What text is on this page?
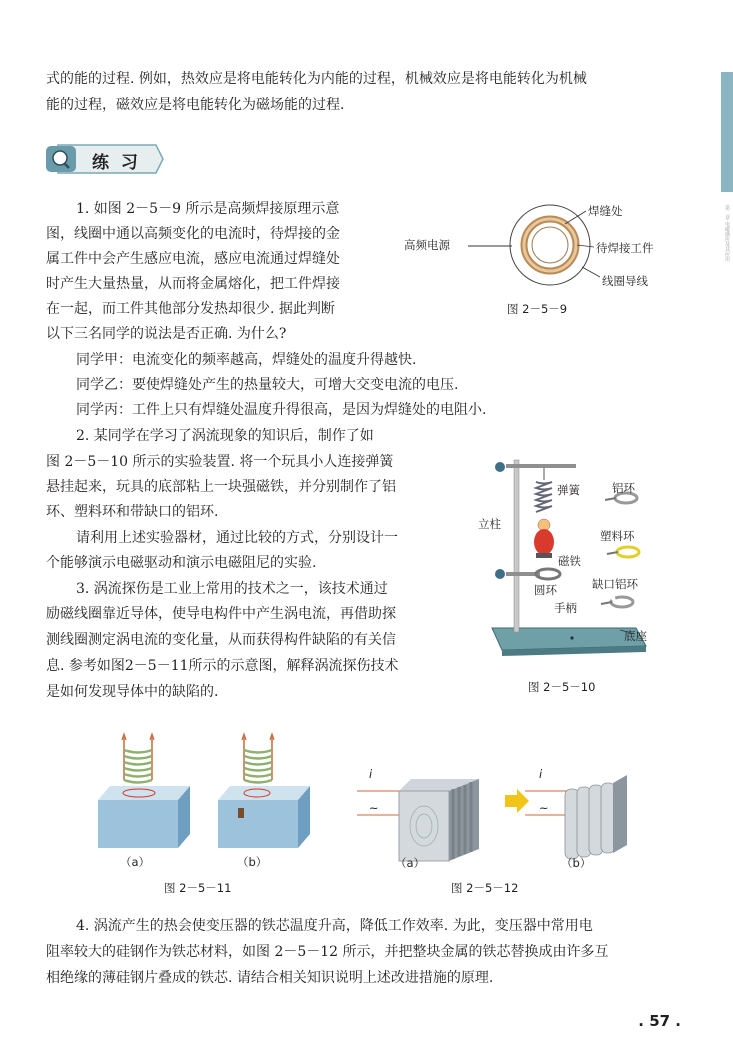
第二章 电磁感应及其应用
式的能的过程. 例如，热效应是将电能转化为内能的过程，机械效应是将电能转化为机械
能的过程，磁效应是将电能转化为磁场能的过程.
练 习
1. 如图 2－5－9 所示是高频焊接原理示意
图，线圈中通以高频变化的电流时，待焊接的金
属工件中会产生感应电流，感应电流通过焊缝处
时产生大量热量，从而将金属熔化，把工件焊接
在一起，而工件其他部分发热却很少. 据此判断
以下三名同学的说法是否正确. 为什么?
同学甲：电流变化的频率越高，焊缝处的温度升得越快.
同学乙：要使焊缝处产生的热量较大，可增大交变电流的电压.
同学丙：工件上只有焊缝处温度升得很高，是因为焊缝处的电阻小.
高频电源
焊缝处
待焊接工件
线圈导线
图 2－5－9
2. 某同学在学习了涡流现象的知识后，制作了如
图 2－5－10 所示的实验装置. 将一个玩具小人连接弹簧
悬挂起来，玩具的底部粘上一块强磁铁，并分别制作了铝
环、塑料环和带缺口的铝环.
请利用上述实验器材，通过比较的方式，分别设计一
个能够演示电磁驱动和演示电磁阻尼的实验.
3. 涡流探伤是工业上常用的技术之一，该技术通过
励磁线圈靠近导体，使导电构件中产生涡电流，再借助探
测线圈测定涡电流的变化量，从而获得构件缺陷的有关信
息. 参考如图2－5－11所示的示意图，解释涡流探伤技术
是如何发现导体中的缺陷的.
立柱
弹簧	铝环
塑料环
磁铁
缺口铝环
圆环
手柄
底座
图 2－5－10
（a）	（b）
图 2－5－11
i
~
i
~
（a）	（b）
图 2－5－12
4. 涡流产生的热会使变压器的铁芯温度升高，降低工作效率. 为此，变压器中常用电
阻率较大的硅钢作为铁芯材料，如图 2－5－12 所示，并把整块金属的铁芯替换成由许多互
相绝缘的薄硅钢片叠成的铁芯. 请结合相关知识说明上述改进措施的原理.
. 57 .
